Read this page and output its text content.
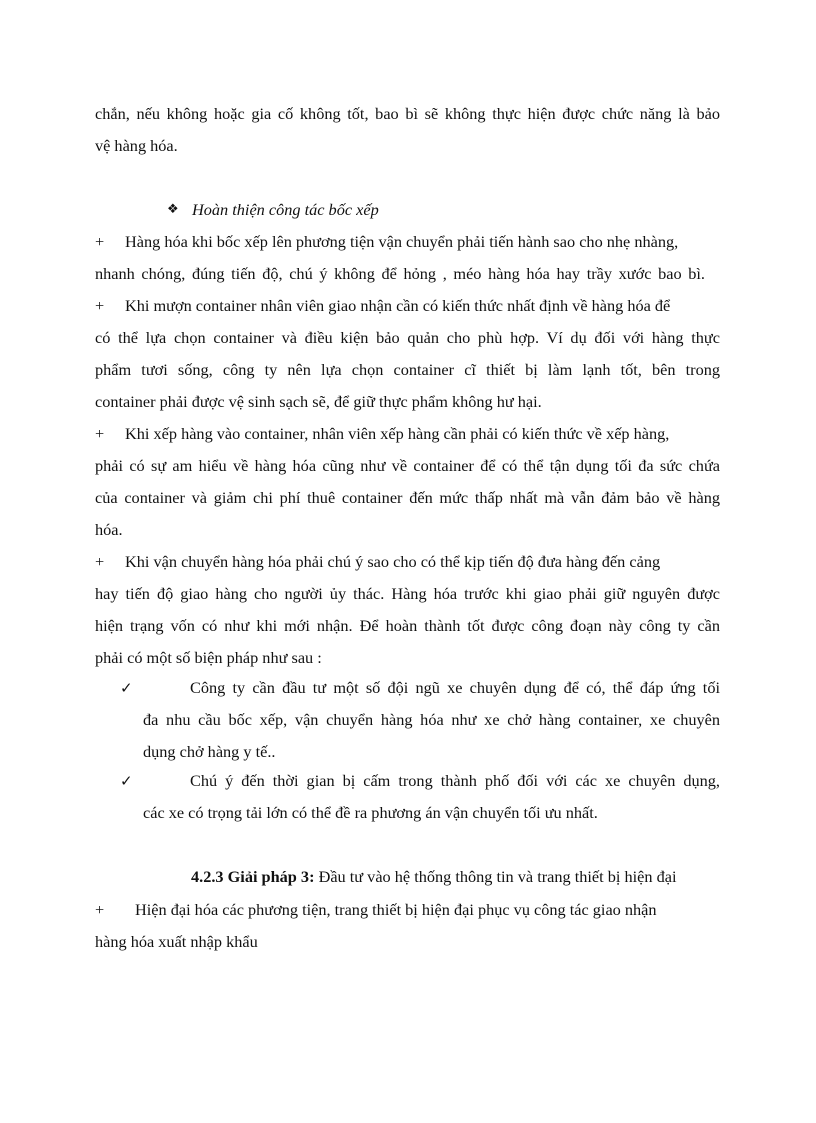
chắn, nếu không hoặc gia cố không tốt, bao bì sẽ không thực hiện được chức năng là bảo
vệ hàng hóa.
❖ Hoàn thiện công tác bốc xếp
+ Hàng hóa khi bốc xếp lên phương tiện vận chuyển phải tiến hành sao cho nhẹ nhàng,
nhanh chóng, đúng tiến độ, chú ý không để hỏng , méo hàng hóa hay trầy xước bao bì.
+ Khi mượn container nhân viên giao nhận cần có kiến thức nhất định về hàng hóa để
có thể lựa chọn container và điều kiện bảo quản cho phù hợp. Ví dụ đối với hàng thực
phẩm tươi sống, công ty nên lựa chọn container cĩ thiết bị làm lạnh tốt, bên trong
container phải được vệ sinh sạch sẽ, để giữ thực phẩm không hư hại.
+ Khi xếp hàng vào container, nhân viên xếp hàng cần phải có kiến thức về xếp hàng,
phải có sự am hiểu về hàng hóa cũng như về container để có thể tận dụng tối đa sức chứa
của container và giảm chi phí thuê container đến mức thấp nhất mà vẫn đảm bảo về hàng
hóa.
+ Khi vận chuyển hàng hóa phải chú ý sao cho có thể kịp tiến độ đưa hàng đến cảng
hay tiến độ giao hàng cho người ủy thác. Hàng hóa trước khi giao phải giữ nguyên được
hiện trạng vốn có như khi mới nhận. Để hoàn thành tốt được công đoạn này công ty cần
phải có một số biện pháp như sau :
✓	Công ty cần đầu tư một số đội ngũ xe chuyên dụng để có, thể đáp ứng tối
đa nhu cầu bốc xếp, vận chuyển hàng hóa như xe chở hàng container, xe chuyên
dụng chở hàng y tế..
✓	Chú ý đến thời gian bị cấm trong thành phố đối với các xe chuyên dụng,
các xe có trọng tải lớn có thể đề ra phương án vận chuyển tối ưu nhất.
4.2.3 Giải pháp 3: Đầu tư vào hệ thống thông tin và trang thiết bị hiện đại
+ Hiện đại hóa các phương tiện, trang thiết bị hiện đại phục vụ công tác giao nhận
hàng hóa xuất nhập khẩu
